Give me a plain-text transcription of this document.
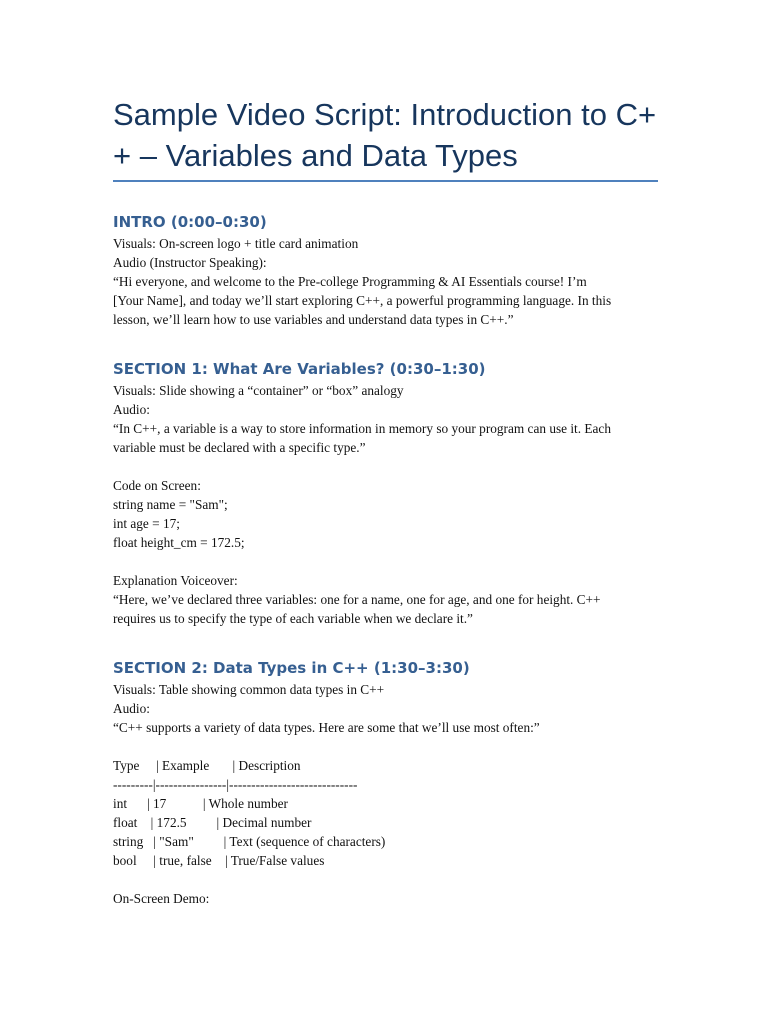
Sample Video Script: Introduction to C+
+ – Variables and Data Types
INTRO (0:00–0:30)

Visuals: On-screen logo + title card animation

Audio (Instructor Speaking):

“Hi everyone, and welcome to the Pre-college Programming & AI Essentials course! I’m

[Your Name], and today we’ll start exploring C++, a powerful programming language. In this

lesson, we’ll learn how to use variables and understand data types in C++.”

SECTION 1: What Are Variables? (0:30–1:30)

Visuals: Slide showing a “container” or “box” analogy

Audio:

“In C++, a variable is a way to store information in memory so your program can use it. Each

variable must be declared with a specific type.”

Code on Screen:

string name = "Sam";

int age = 17;

float height_cm = 172.5;

Explanation Voiceover:

“Here, we’ve declared three variables: one for a name, one for age, and one for height. C++

requires us to specify the type of each variable when we declare it.”

SECTION 2: Data Types in C++ (1:30–3:30)

Visuals: Table showing common data types in C++

Audio:

“C++ supports a variety of data types. Here are some that we’ll use most often:”

Type     | Example       | Description

---------|----------------|-----------------------------

int      | 17           | Whole number

float    | 172.5         | Decimal number

string   | "Sam"         | Text (sequence of characters)

bool     | true, false    | True/False values

On-Screen Demo:
